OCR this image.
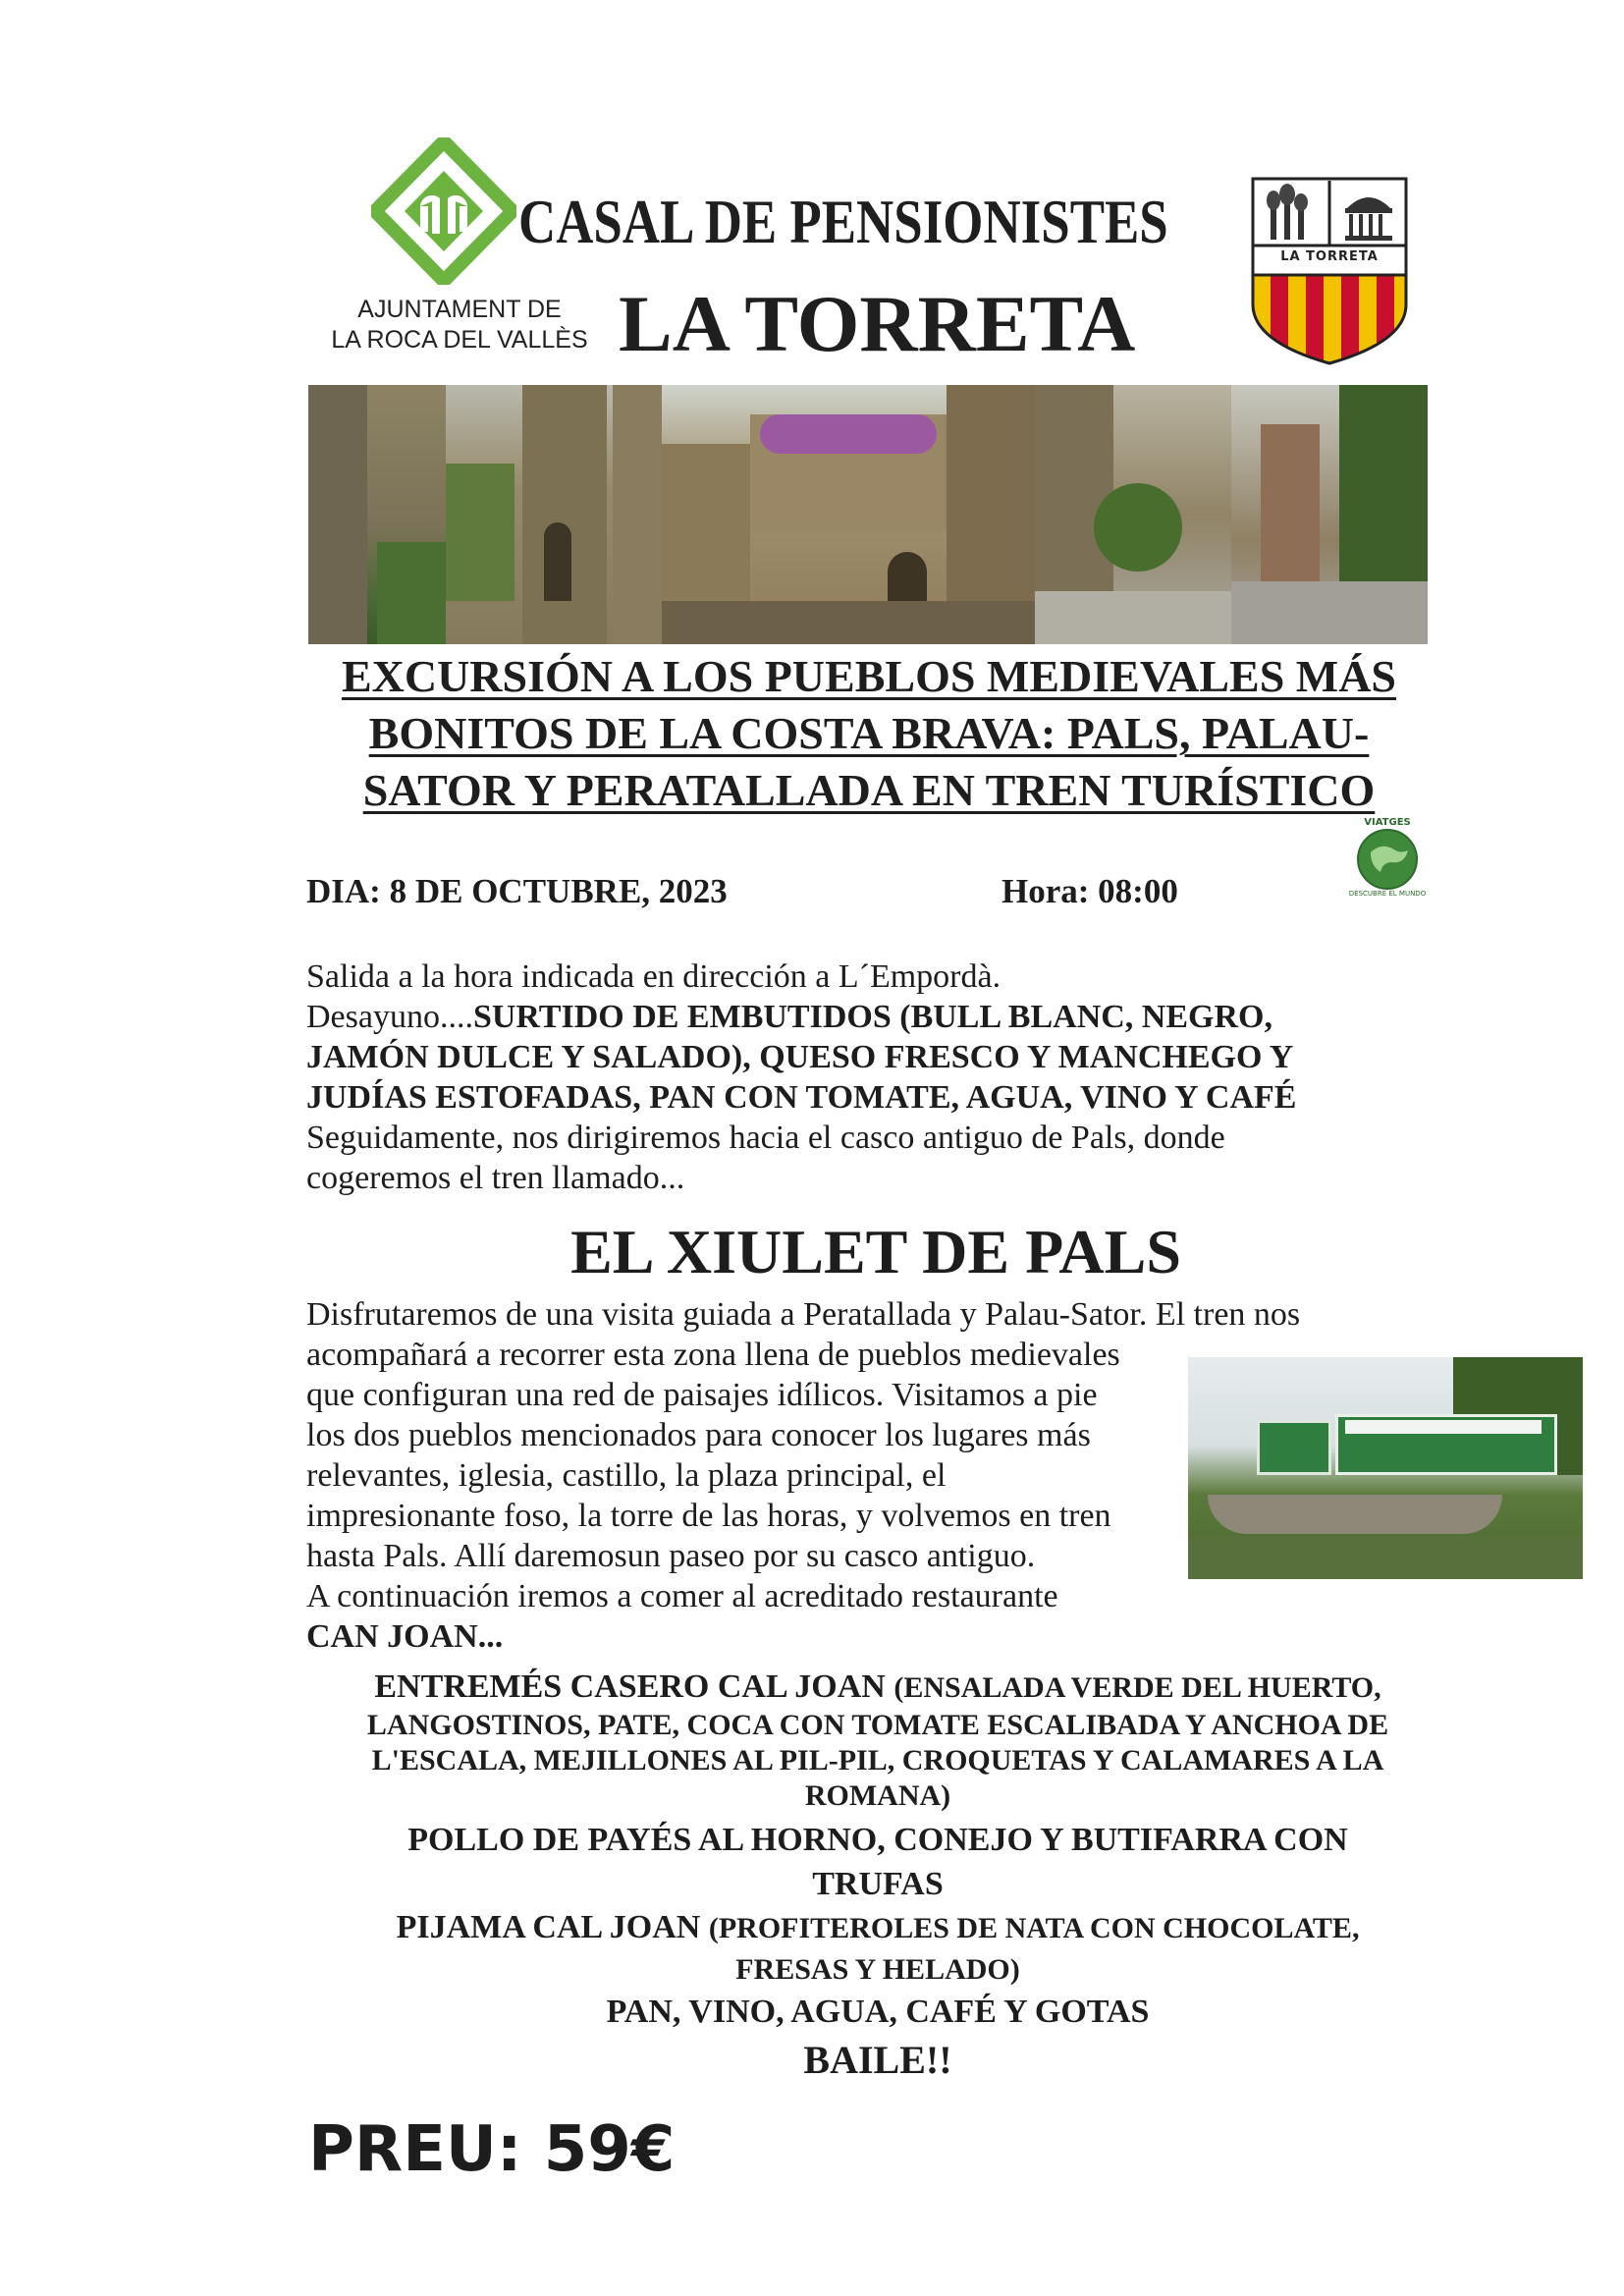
CASAL DE PENSIONISTES
AJUNTAMENT DE
LA ROCA DEL VALLÈS LA TORRETA
LA TORRETA
EXCURSIÓN A LOS PUEBLOS MEDIEVALES MÁS
BONITOS DE LA COSTA BRAVA: PALS, PALAU-
SATOR Y PERATALLADA EN TREN TURÍSTICO
VIATGES
DESCUBRE EL MUNDO
DIA: 8 DE OCTUBRE, 2023	Hora: 08:00
Salida a la hora indicada en dirección a L´Empordà.
Desayuno....SURTIDO DE EMBUTIDOS (BULL BLANC, NEGRO,
JAMÓN DULCE Y SALADO), QUESO FRESCO Y MANCHEGO Y
JUDÍAS ESTOFADAS, PAN CON TOMATE, AGUA, VINO Y CAFÉ
Seguidamente, nos dirigiremos hacia el casco antiguo de Pals, donde
cogeremos el tren llamado...
EL XIULET DE PALS
Disfrutaremos de una visita guiada a Peratallada y Palau-Sator. El tren nos
acompañará a recorrer esta zona llena de pueblos medievales
que configuran una red de paisajes idílicos. Visitamos a pie
los dos pueblos mencionados para conocer los lugares más
relevantes, iglesia, castillo, la plaza principal, el
impresionante foso, la torre de las horas, y volvemos en tren
hasta Pals. Allí daremosun paseo por su casco antiguo.
A continuación iremos a comer al acreditado restaurante
CAN JOAN...
ENTREMÉS CASERO CAL JOAN (ENSALADA VERDE DEL HUERTO,
LANGOSTINOS, PATE, COCA CON TOMATE ESCALIBADA Y ANCHOA DE
L'ESCALA, MEJILLONES AL PIL-PIL, CROQUETAS Y CALAMARES A LA
ROMANA)
POLLO DE PAYÉS AL HORNO, CONEJO Y BUTIFARRA CON
TRUFAS
PIJAMA CAL JOAN (PROFITEROLES DE NATA CON CHOCOLATE,
FRESAS Y HELADO)
PAN, VINO, AGUA, CAFÉ Y GOTAS
BAILE!!
PREU: 59€
